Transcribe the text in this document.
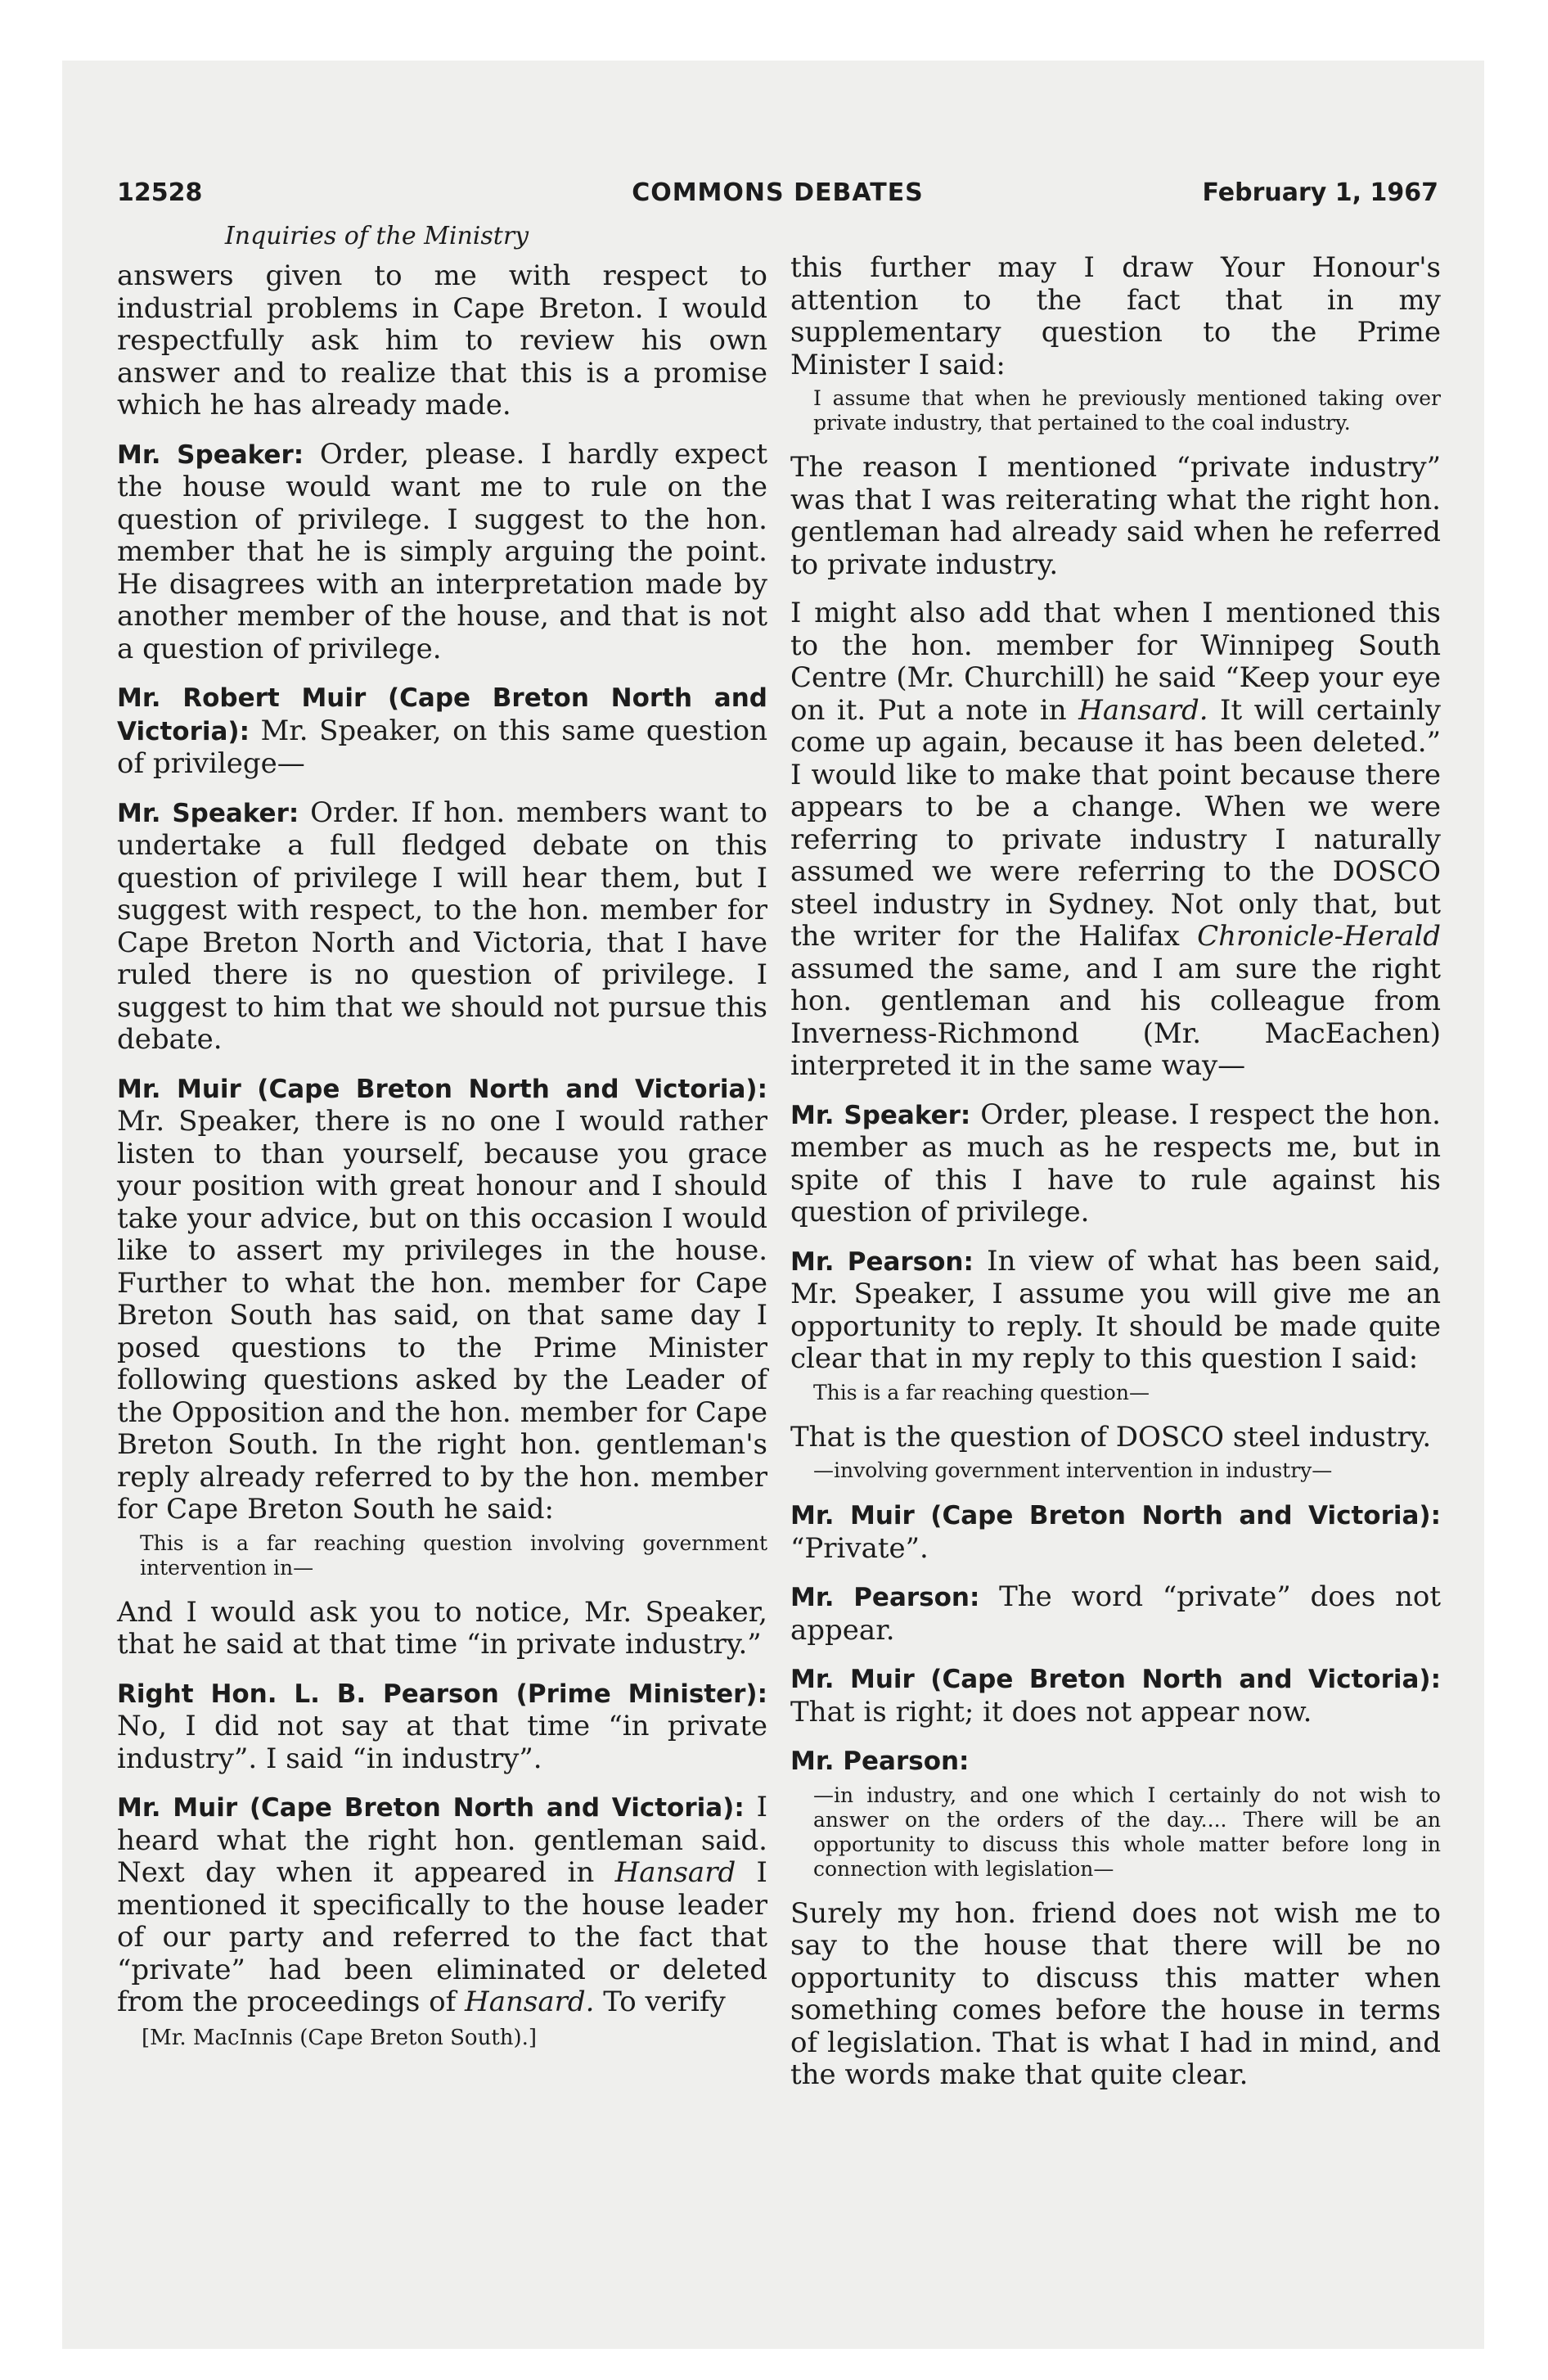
12528	COMMONS DEBATES	February 1, 1967
Inquiries of the Ministry

answers given to me with respect to industrial problems in Cape Breton. I would respectfully ask him to review his own answer and to realize that this is a promise which he has already made.

Mr. Speaker: Order, please. I hardly expect the house would want me to rule on the question of privilege. I suggest to the hon. member that he is simply arguing the point. He disagrees with an interpretation made by another member of the house, and that is not a question of privilege.

Mr. Robert Muir (Cape Breton North and Victoria): Mr. Speaker, on this same question of privilege—

Mr. Speaker: Order. If hon. members want to undertake a full fledged debate on this question of privilege I will hear them, but I suggest with respect, to the hon. member for Cape Breton North and Victoria, that I have ruled there is no question of privilege. I suggest to him that we should not pursue this debate.

Mr. Muir (Cape Breton North and Victoria): Mr. Speaker, there is no one I would rather listen to than yourself, because you grace your position with great honour and I should take your advice, but on this occasion I would like to assert my privileges in the house. Further to what the hon. member for Cape Breton South has said, on that same day I posed questions to the Prime Minister following questions asked by the Leader of the Opposition and the hon. member for Cape Breton South. In the right hon. gentleman's reply already referred to by the hon. member for Cape Breton South he said:

This is a far reaching question involving government intervention in—

And I would ask you to notice, Mr. Speaker, that he said at that time “in private industry.”

Right Hon. L. B. Pearson (Prime Minister): No, I did not say at that time “in private industry”. I said “in industry”.

Mr. Muir (Cape Breton North and Victoria): I heard what the right hon. gentleman said. Next day when it appeared in Hansard I mentioned it specifically to the house leader of our party and referred to the fact that “private” had been eliminated or deleted from the proceedings of Hansard. To verify

[Mr. MacInnis (Cape Breton South).]

this further may I draw Your Honour's attention to the fact that in my supplementary question to the Prime Minister I said:

I assume that when he previously mentioned taking over private industry, that pertained to the coal industry.

The reason I mentioned “private industry” was that I was reiterating what the right hon. gentleman had already said when he referred to private industry.

I might also add that when I mentioned this to the hon. member for Winnipeg South Centre (Mr. Churchill) he said “Keep your eye on it. Put a note in Hansard. It will certainly come up again, because it has been deleted.” I would like to make that point because there appears to be a change. When we were referring to private industry I naturally assumed we were referring to the DOSCO steel industry in Sydney. Not only that, but the writer for the Halifax Chronicle-Herald assumed the same, and I am sure the right hon. gentleman and his colleague from Inverness-Richmond (Mr. MacEachen) interpreted it in the same way—

Mr. Speaker: Order, please. I respect the hon. member as much as he respects me, but in spite of this I have to rule against his question of privilege.

Mr. Pearson: In view of what has been said, Mr. Speaker, I assume you will give me an opportunity to reply. It should be made quite clear that in my reply to this question I said:

This is a far reaching question—

That is the question of DOSCO steel industry.

—involving government intervention in industry—

Mr. Muir (Cape Breton North and Victoria): “Private”.

Mr. Pearson: The word “private” does not appear.

Mr. Muir (Cape Breton North and Victoria): That is right; it does not appear now.

Mr. Pearson:

—in industry, and one which I certainly do not wish to answer on the orders of the day.... There will be an opportunity to discuss this whole matter before long in connection with legislation—

Surely my hon. friend does not wish me to say to the house that there will be no opportunity to discuss this matter when something comes before the house in terms of legislation. That is what I had in mind, and the words make that quite clear.
